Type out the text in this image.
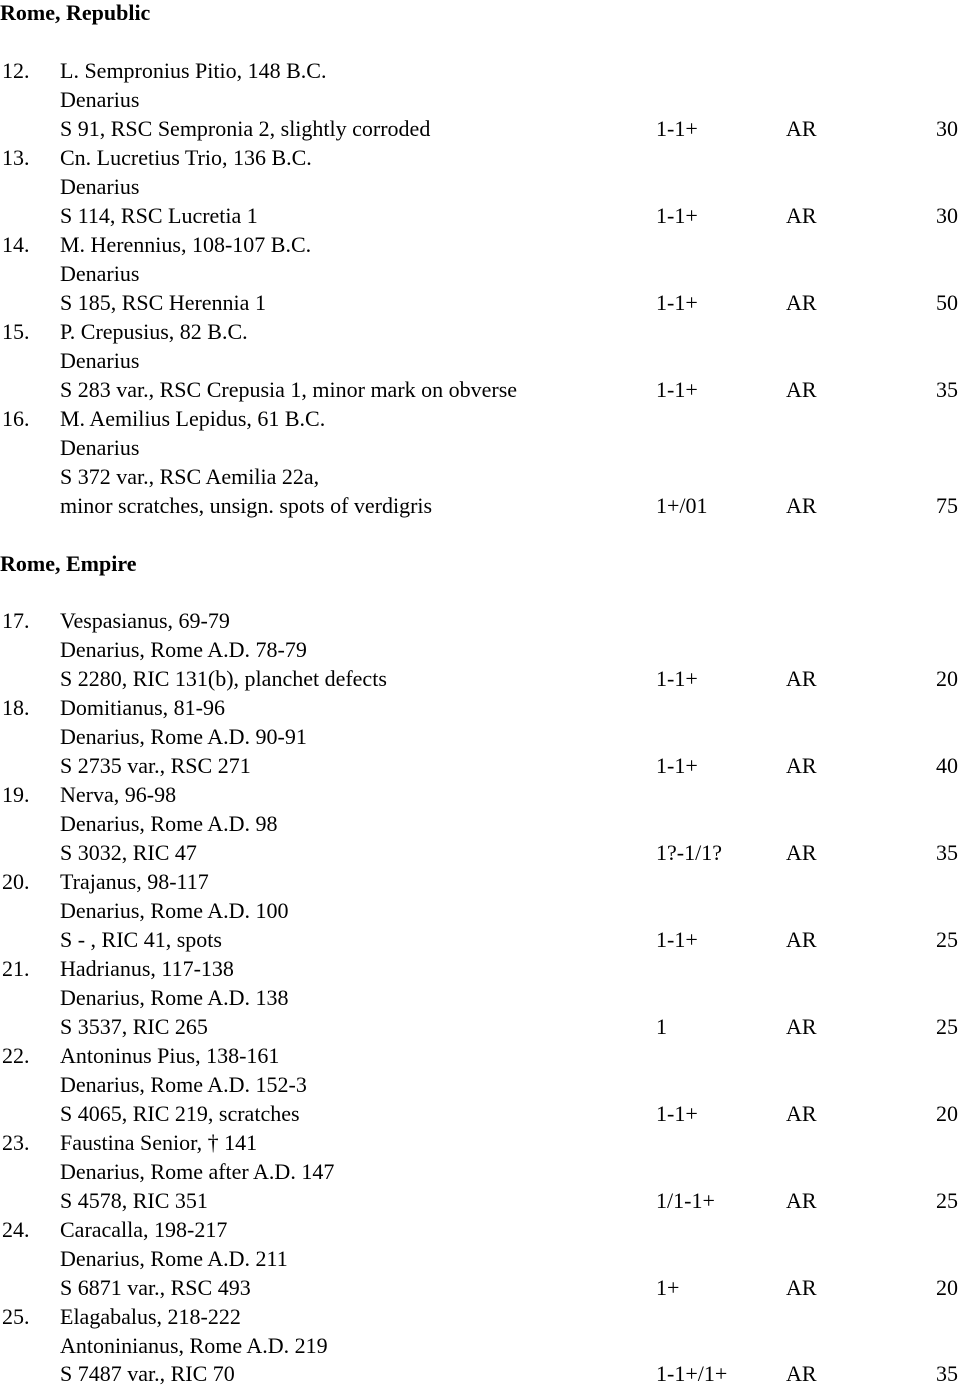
Rome, Republic
12. L. Sempronius Pitio, 148 B.C.
Denarius
S 91, RSC Sempronia 2, slightly corroded	1-1+	AR	30
13. Cn. Lucretius Trio, 136 B.C.
Denarius
S 114, RSC Lucretia 1	1-1+	AR	30
14. M. Herennius, 108-107 B.C.
Denarius
S 185, RSC Herennia 1	1-1+	AR	50
15. P. Crepusius, 82 B.C.
Denarius
S 283 var., RSC Crepusia 1, minor mark on obverse	1-1+	AR	35
16. M. Aemilius Lepidus, 61 B.C.
Denarius
S 372 var., RSC Aemilia 22a,
minor scratches, unsign. spots of verdigris	1+/01	AR	75
Rome, Empire
17. Vespasianus, 69-79
Denarius, Rome A.D. 78-79
S 2280, RIC 131(b), planchet defects	1-1+	AR	20
18. Domitianus, 81-96
Denarius, Rome A.D. 90-91
S 2735 var., RSC 271	1-1+	AR	40
19. Nerva, 96-98
Denarius, Rome A.D. 98
S 3032, RIC 47	1?-1/1?	AR	35
20. Trajanus, 98-117
Denarius, Rome A.D. 100
S - , RIC 41, spots	1-1+	AR	25
21. Hadrianus, 117-138
Denarius, Rome A.D. 138
S 3537, RIC 265	1	AR	25
22. Antoninus Pius, 138-161
Denarius, Rome A.D. 152-3
S 4065, RIC 219, scratches	1-1+	AR	20
23. Faustina Senior, † 141
Denarius, Rome after A.D. 147
S 4578, RIC 351	1/1-1+	AR	25
24. Caracalla, 198-217
Denarius, Rome A.D. 211
S 6871 var., RSC 493	1+	AR	20
25. Elagabalus, 218-222
Antoninianus, Rome A.D. 219
S 7487 var., RIC 70	1-1+/1+	AR	35
